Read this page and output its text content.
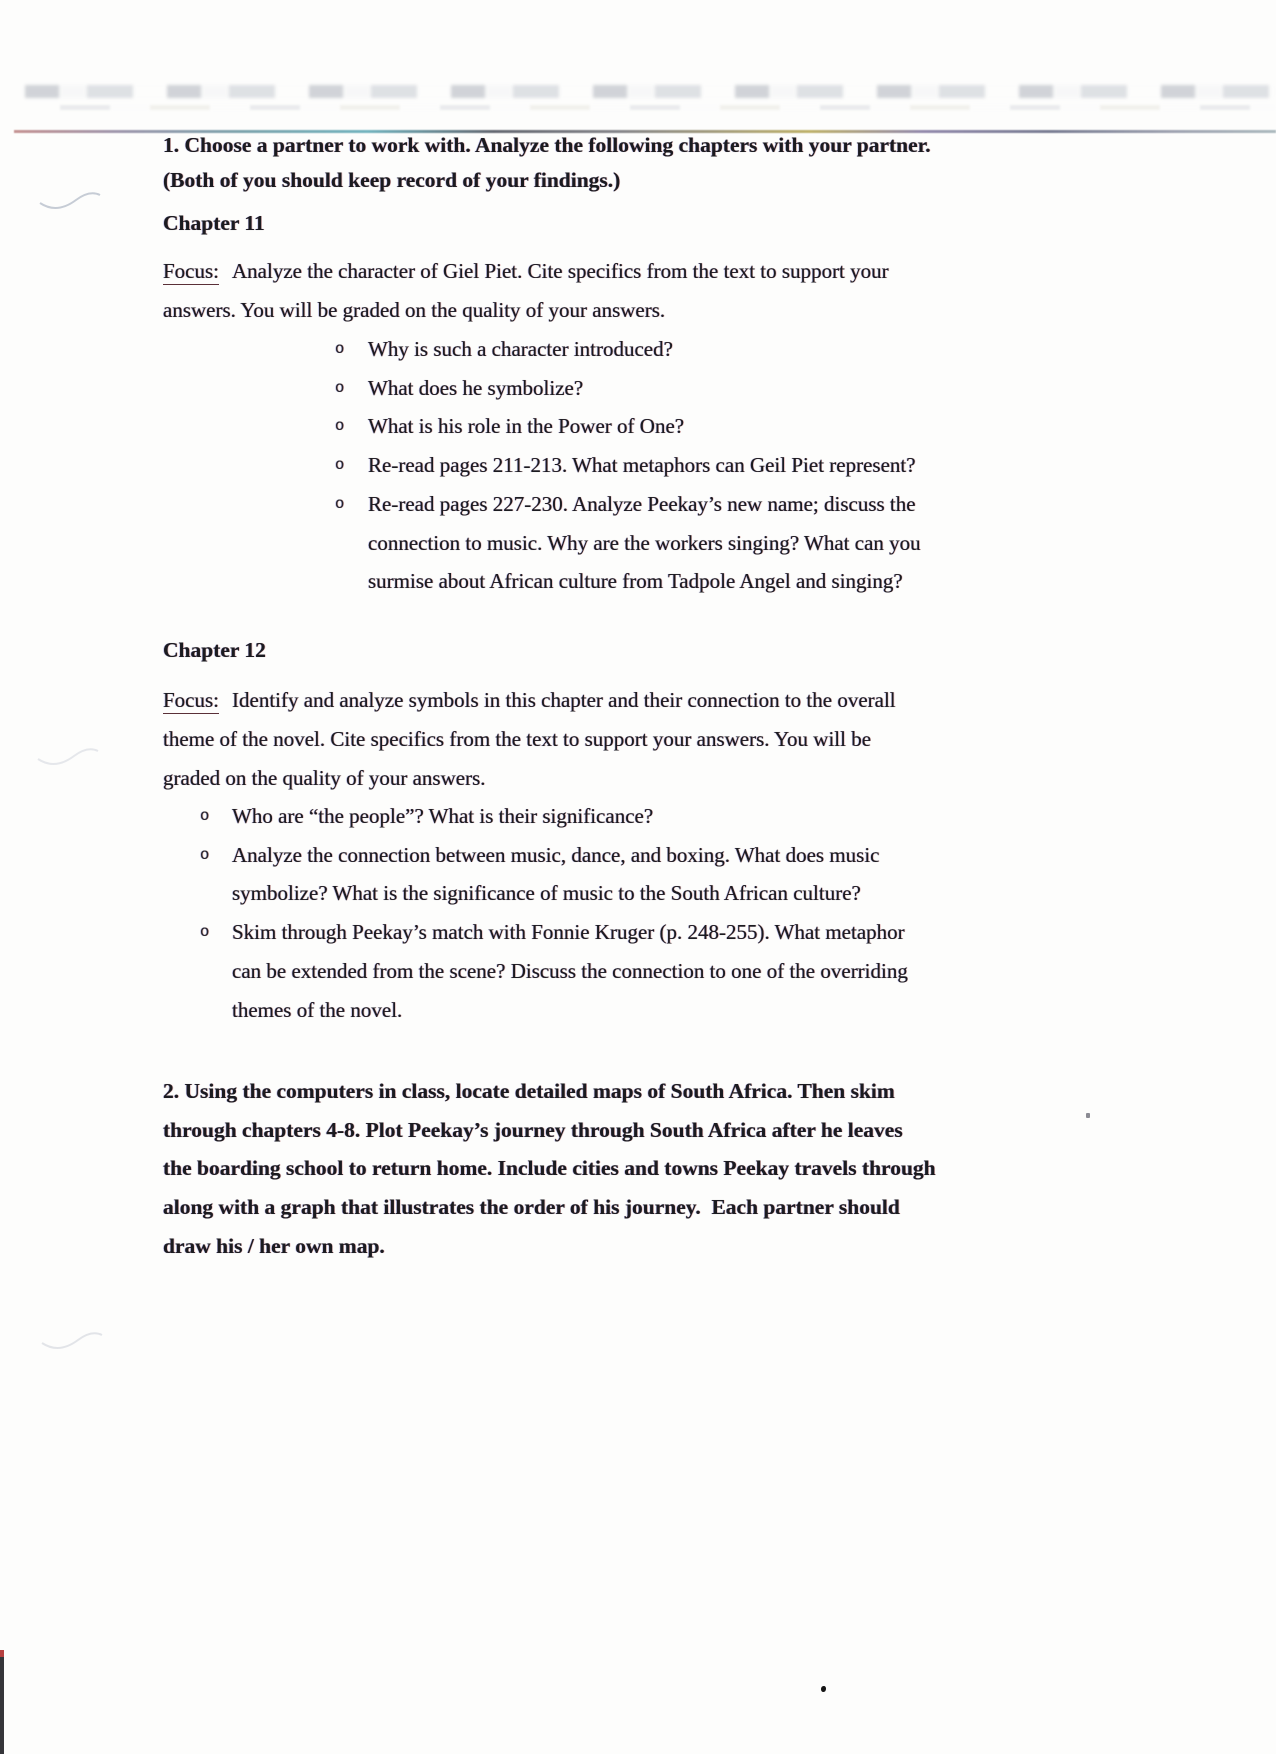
1. Choose a partner to work with. Analyze the following chapters with your partner.
(Both of you should keep record of your findings.)
Chapter 11
Focus: Analyze the character of Giel Piet. Cite specifics from the text to support your
answers. You will be graded on the quality of your answers.
o Why is such a character introduced?
o What does he symbolize?
o What is his role in the Power of One?
o Re-read pages 211-213. What metaphors can Geil Piet represent?
o Re-read pages 227-230. Analyze Peekay’s new name; discuss the
connection to music. Why are the workers singing? What can you
surmise about African culture from Tadpole Angel and singing?
Chapter 12
Focus: Identify and analyze symbols in this chapter and their connection to the overall
theme of the novel. Cite specifics from the text to support your answers. You will be
graded on the quality of your answers.
o Who are “the people”? What is their significance?
o Analyze the connection between music, dance, and boxing. What does music
symbolize? What is the significance of music to the South African culture?
o Skim through Peekay’s match with Fonnie Kruger (p. 248-255). What metaphor
can be extended from the scene? Discuss the connection to one of the overriding
themes of the novel.
2. Using the computers in class, locate detailed maps of South Africa. Then skim
through chapters 4-8. Plot Peekay’s journey through South Africa after he leaves
the boarding school to return home. Include cities and towns Peekay travels through
along with a graph that illustrates the order of his journey.  Each partner should
draw his / her own map.
